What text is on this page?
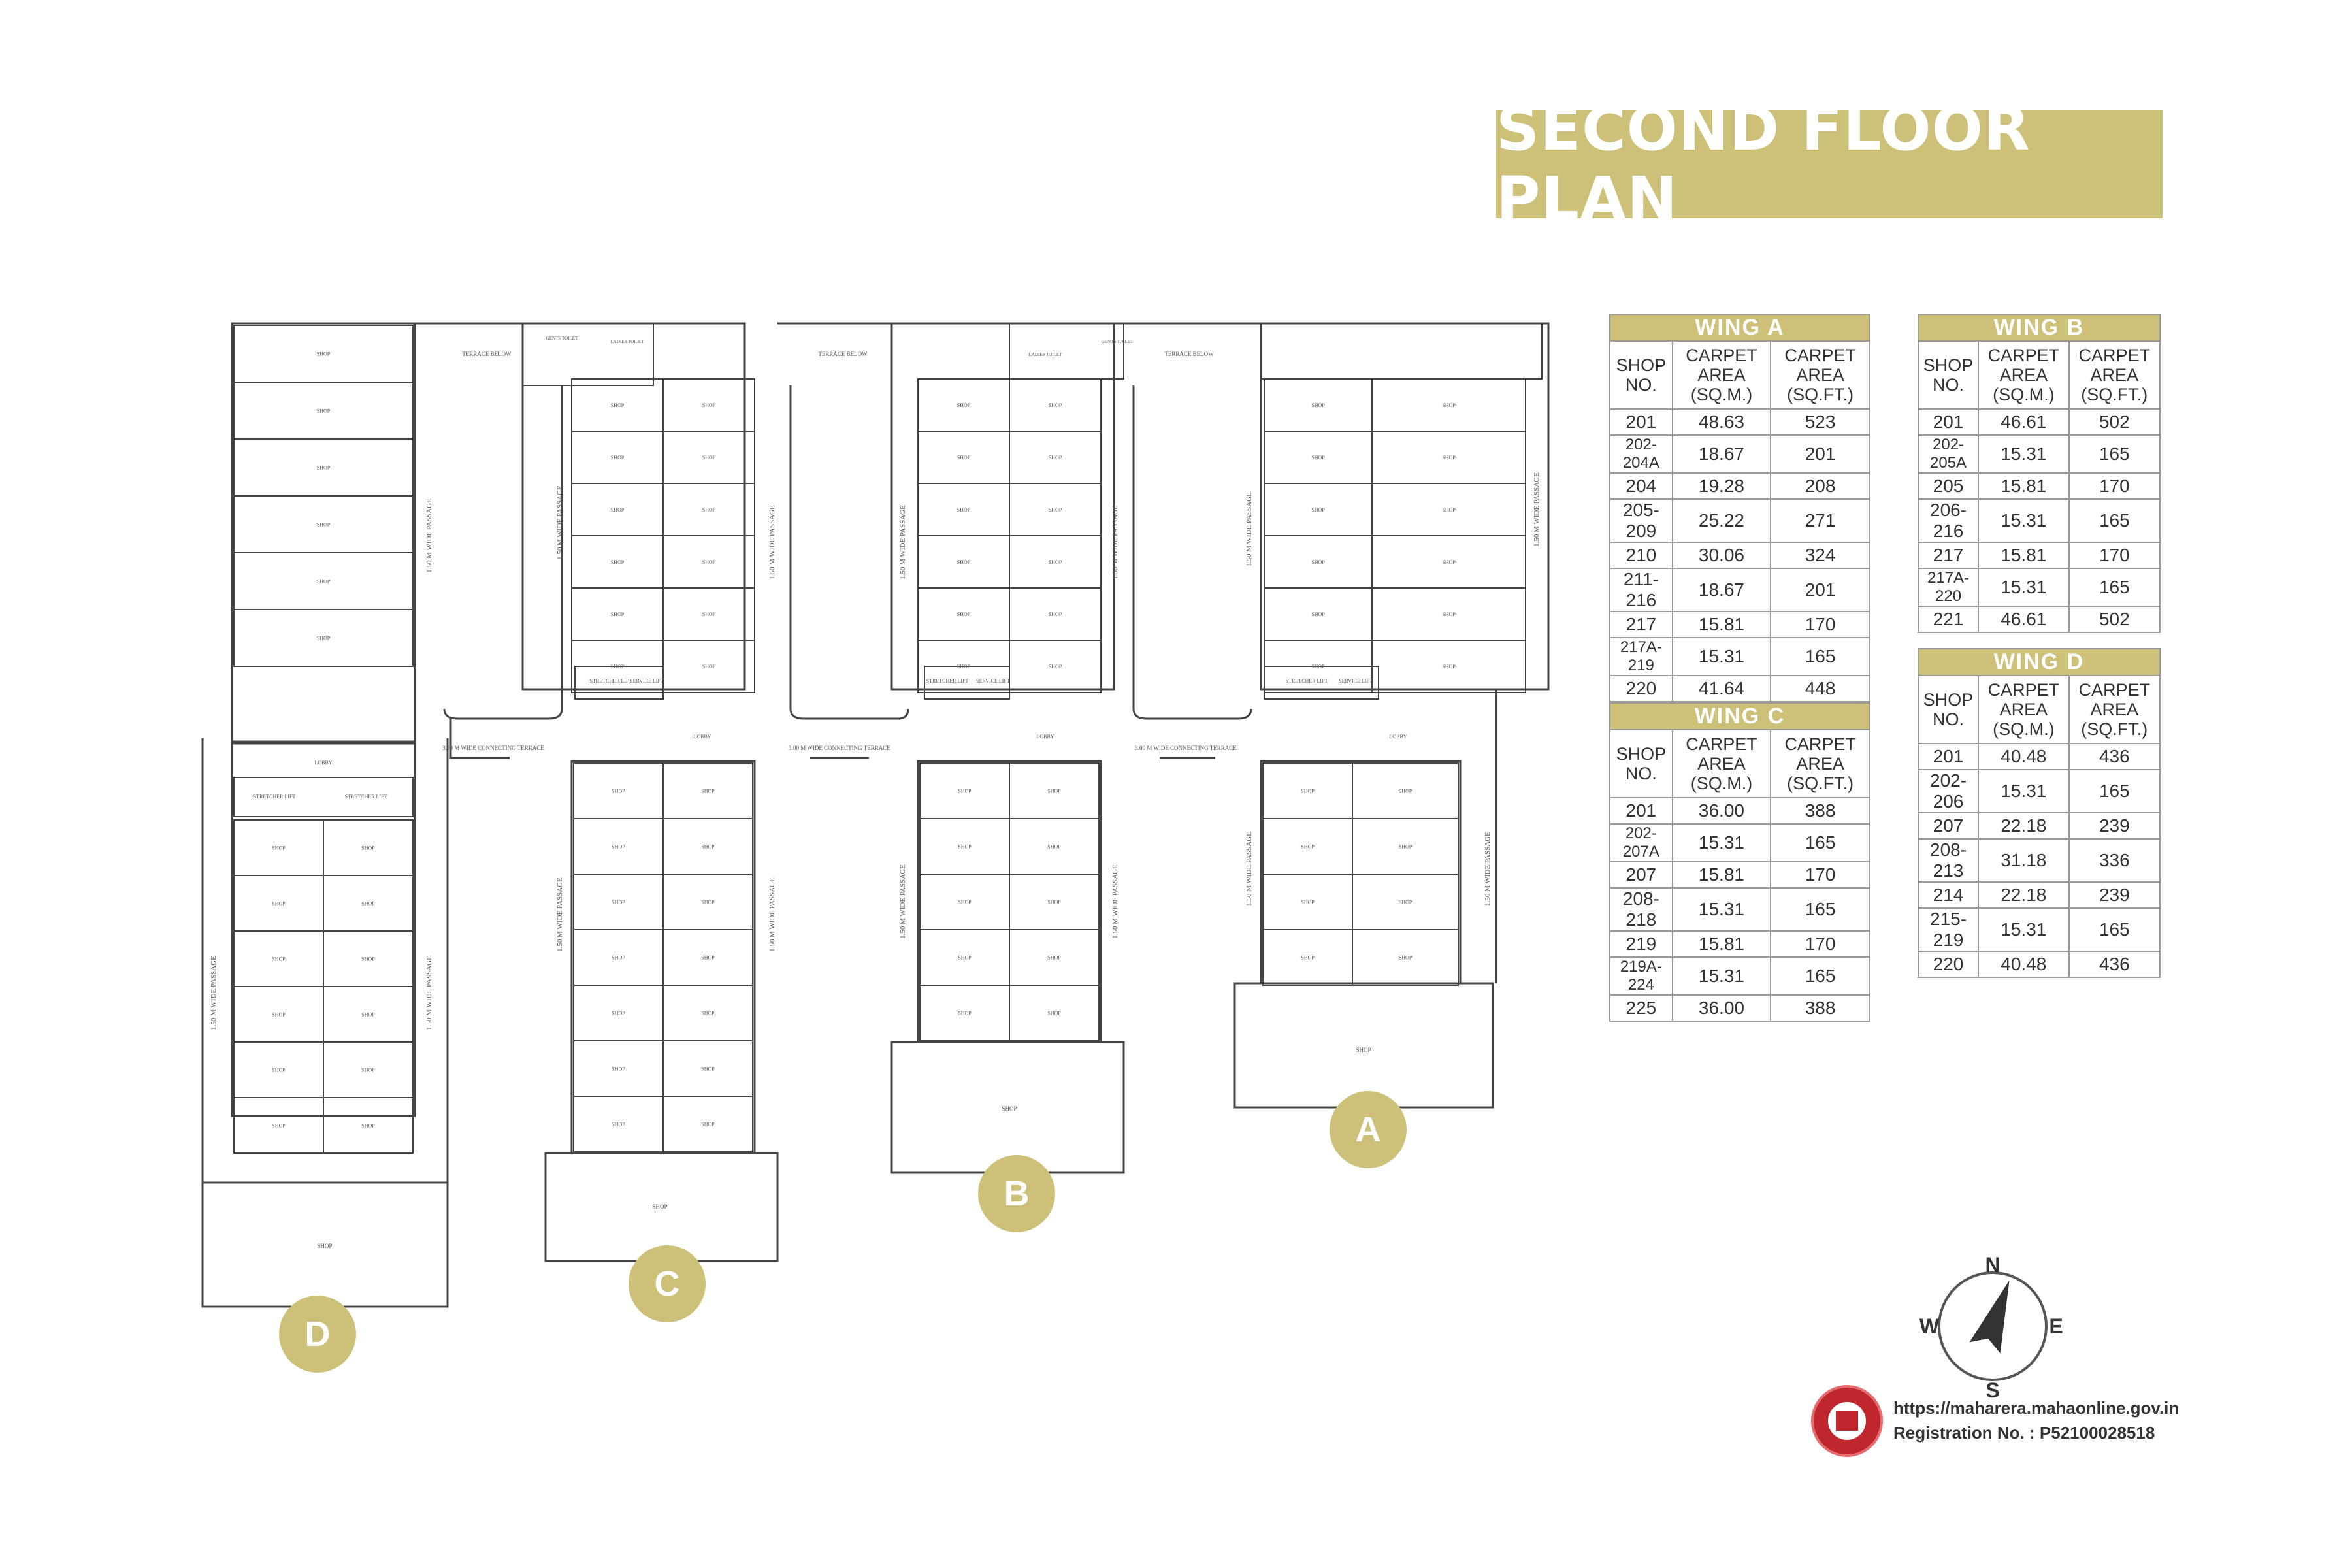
SECOND FLOOR PLAN
SHOP
SHOP
SHOP
SHOP
SHOP
SHOP
SHOP
SHOP
SHOP
SHOP
SHOP
SHOP
SHOP
SHOP
SHOP
SHOP
SHOP
SHOP
STRETCHER LIFT	STRETCHER LIFT
SHOP
1.50 M WIDE PASSAGE	1.50 M WIDE PASSAGE
1.50 M WIDE PASSAGE
SHOP
SHOP
SHOP
SHOP
SHOP
SHOP
SHOP
SHOP
SHOP
SHOP
SHOP
SHOP
GENTS TOILET
LADIES TOILET
STRETCHER LIFT
SERVICE LIFT
SHOP
SHOP
SHOP
SHOP
SHOP
SHOP
SHOP
SHOP
SHOP
SHOP
SHOP
SHOP
SHOP
SHOP
SHOP
1.50 M WIDE PASSAGE	1.50 M WIDE PASSAGE
1.50 M WIDE PASSAGE	1.50 M WIDE PASSAGE
SHOP
SHOP
SHOP
SHOP
SHOP
SHOP
SHOP
SHOP
SHOP
SHOP
SHOP
SHOP
LADIES TOILET
GENTS TOILET
STRETCHER LIFT SERVICE LIFT
SHOP
SHOP
SHOP
SHOP
SHOP
SHOP
SHOP
SHOP
SHOP
SHOP
SHOP
1.50 M WIDE PASSAGE	1.50 M WIDE PASSAGE
1.50 M WIDE PASSAGE	1.50 M WIDE PASSAGE
SHOP
SHOP
SHOP
SHOP
SHOP
SHOP
SHOP
SHOP
SHOP
SHOP
SHOP
SHOP
STRETCHER LIFT SERVICE LIFT
SHOP
SHOP
SHOP
SHOP
SHOP
SHOP
SHOP
SHOP
SHOP
1.50 M WIDE PASSAGE	1.50 M WIDE PASSAGE
1.50 M WIDE PASSAGE	1.50 M WIDE PASSAGE
3.00 M WIDE CONNECTING TERRACE	3.00 M WIDE CONNECTING TERRACE	3.00 M WIDE CONNECTING TERRACE
TERRACE BELOW	TERRACE BELOW	TERRACE BELOW
LOBBY	LOBBY	LOBBY
LOBBY
A
B
C
D
WING A		
SHOP NO.	CARPET AREA (SQ.M.)	CARPET AREA (SQ.FT.)
201	48.63	523
202-204A	18.67	201
204	19.28	208
205-209	25.22	271
210	30.06	324
211-216	18.67	201
217	15.81	170
217A-219	15.31	165
220	41.64	448
WING B		
SHOP NO.	CARPET AREA (SQ.M.)	CARPET AREA (SQ.FT.)
201	46.61	502
202-205A	15.31	165
205	15.81	170
206-216	15.31	165
217	15.81	170
217A-220	15.31	165
221	46.61	502
WING C		
SHOP NO.	CARPET AREA (SQ.M.)	CARPET AREA (SQ.FT.)
201	36.00	388
202-207A	15.31	165
207	15.81	170
208-218	15.31	165
219	15.81	170
219A-224	15.31	165
225	36.00	388
WING D		
SHOP NO.	CARPET AREA (SQ.M.)	CARPET AREA (SQ.FT.)
201	40.48	436
202-206	15.31	165
207	22.18	239
208-213	31.18	336
214	22.18	239
215-219	15.31	165
220	40.48	436
N
S
E
W
https://maharera.mahaonline.gov.in
Registration No. : P52100028518
